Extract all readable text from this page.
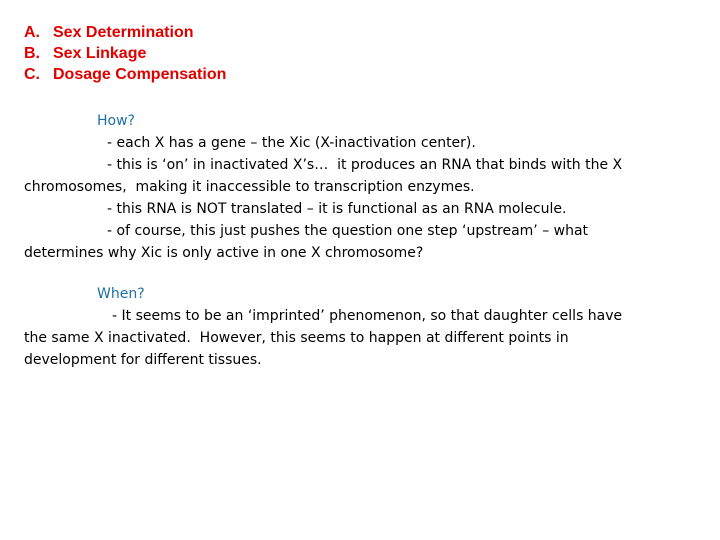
A. Sex Determination
B. Sex Linkage
C. Dosage Compensation

How?

- each X has a gene – the Xic (X-inactivation center).

- this is ‘on’ in inactivated X’s…  it produces an RNA that binds with the X

chromosomes,  making it inaccessible to transcription enzymes.

- this RNA is NOT translated – it is functional as an RNA molecule.

- of course, this just pushes the question one step ‘upstream’ – what

determines why Xic is only active in one X chromosome?

When?

- It seems to be an ‘imprinted’ phenomenon, so that daughter cells have

the same X inactivated.  However, this seems to happen at different points in

development for different tissues.
